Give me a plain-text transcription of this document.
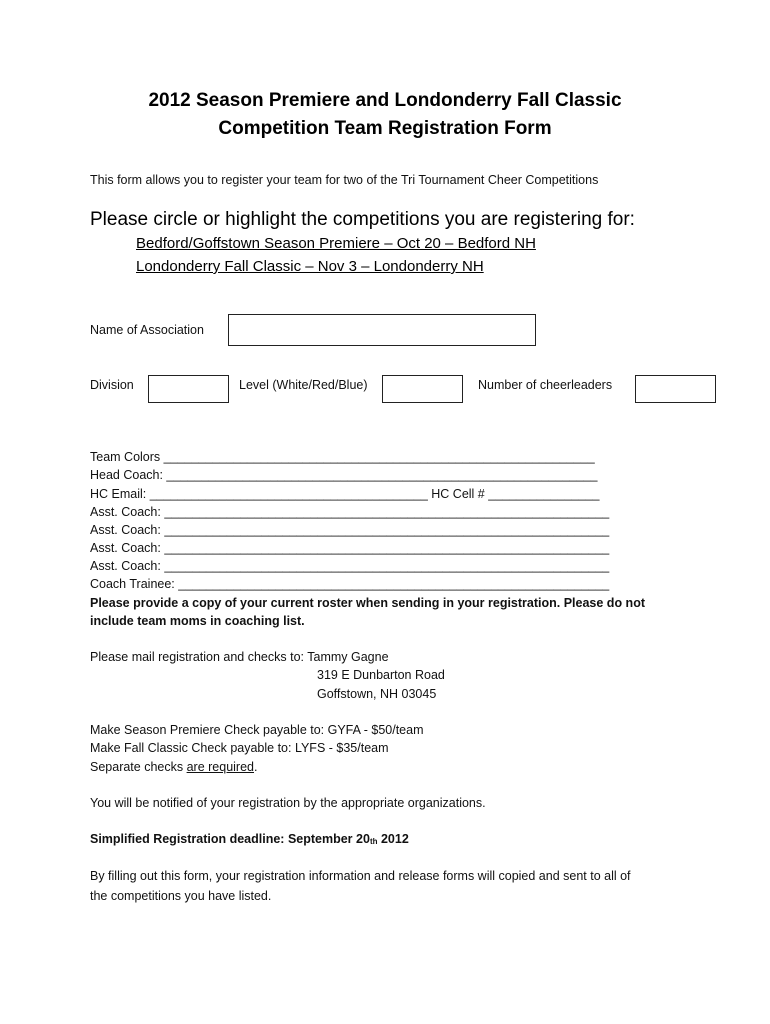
2012 Season Premiere and Londonderry Fall Classic
Competition Team Registration Form
This form allows you to register your team for two of the Tri Tournament Cheer Competitions
Please circle or highlight the competitions you are registering for:
Bedford/Goffstown Season Premiere – Oct 20 – Bedford NH
Londonderry Fall Classic – Nov 3 – Londonderry NH
Name of Association
Division	Level (White/Red/Blue)	Number of cheerleaders
Team Colors ______________________________________________________________
Head Coach: ______________________________________________________________
HC Email: ________________________________________ HC Cell # ________________
Asst. Coach: ________________________________________________________________
Asst. Coach: ________________________________________________________________
Asst. Coach: ________________________________________________________________
Asst. Coach: ________________________________________________________________
Coach Trainee: ______________________________________________________________
Please provide a copy of your current roster when sending in your registration. Please do not
include team moms in coaching list.
Please mail registration and checks to: Tammy Gagne
319 E Dunbarton Road
Goffstown, NH 03045
Make Season Premiere Check payable to: GYFA - $50/team
Make Fall Classic Check payable to: LYFS - $35/team
Separate checks are required.
You will be notified of your registration by the appropriate organizations.
Simplified Registration deadline: September $20_{th}$ 2012
By filling out this form, your registration information and release forms will copied and sent to all of
the competitions you have listed.
